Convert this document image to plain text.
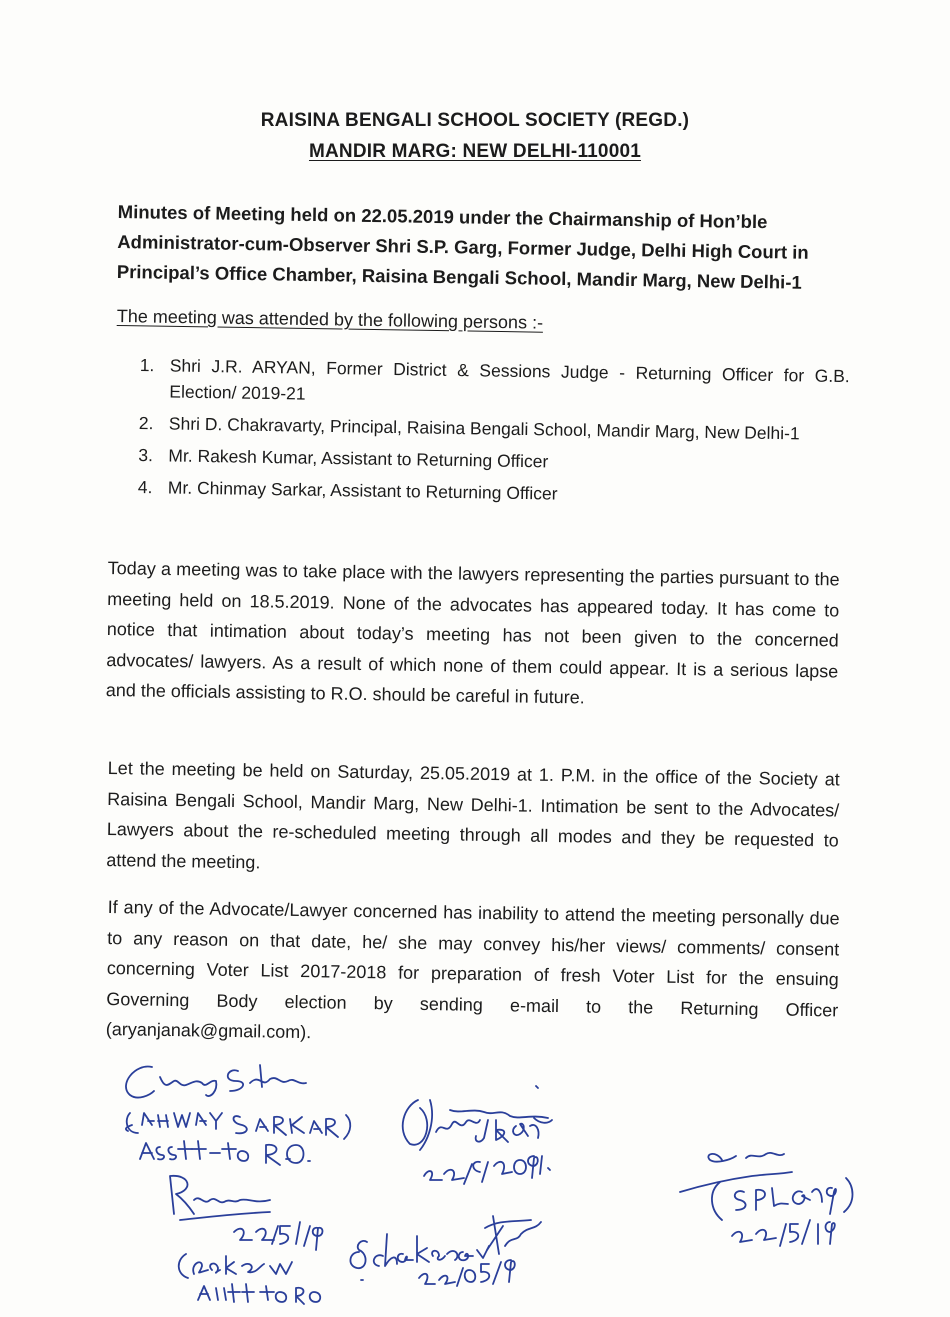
RAISINA BENGALI SCHOOL SOCIETY (REGD.)
MANDIR MARG: NEW DELHI-110001
Minutes of Meeting held on 22.05.2019 under the Chairmanship of Hon’ble Administrator-cum-Observer Shri S.P. Garg, Former Judge, Delhi High Court in Principal’s Office Chamber, Raisina Bengali School, Mandir Marg, New Delhi-1
The meeting was attended by the following persons :-
1. Shri J.R. ARYAN, Former District & Sessions Judge - Returning Officer for G.B. Election/ 2019-21
2. Shri D. Chakravarty, Principal, Raisina Bengali School, Mandir Marg, New Delhi-1
3. Mr. Rakesh Kumar, Assistant to Returning Officer
4. Mr. Chinmay Sarkar, Assistant to Returning Officer
Today a meeting was to take place with the lawyers representing the parties pursuant to the meeting held on 18.5.2019. None of the advocates has appeared today. It has come to notice that intimation about today’s meeting has not been given to the concerned advocates/ lawyers. As a result of which none of them could appear. It is a serious lapse and the officials assisting to R.O. should be careful in future.
Let the meeting be held on Saturday, 25.05.2019 at 1. P.M. in the office of the Society at Raisina Bengali School, Mandir Marg, New Delhi-1. Intimation be sent to the Advocates/ Lawyers about the re-scheduled meeting through all modes and they be requested to attend the meeting.
If any of the Advocate/Lawyer concerned has inability to attend the meeting personally due to any reason on that date, he/ she may convey his/her views/ comments/ consent concerning Voter List 2017-2018 for preparation of fresh Voter List for the ensuing Governing Body election by sending e-mail to the Returning Officer (aryanjanak@gmail.com).
